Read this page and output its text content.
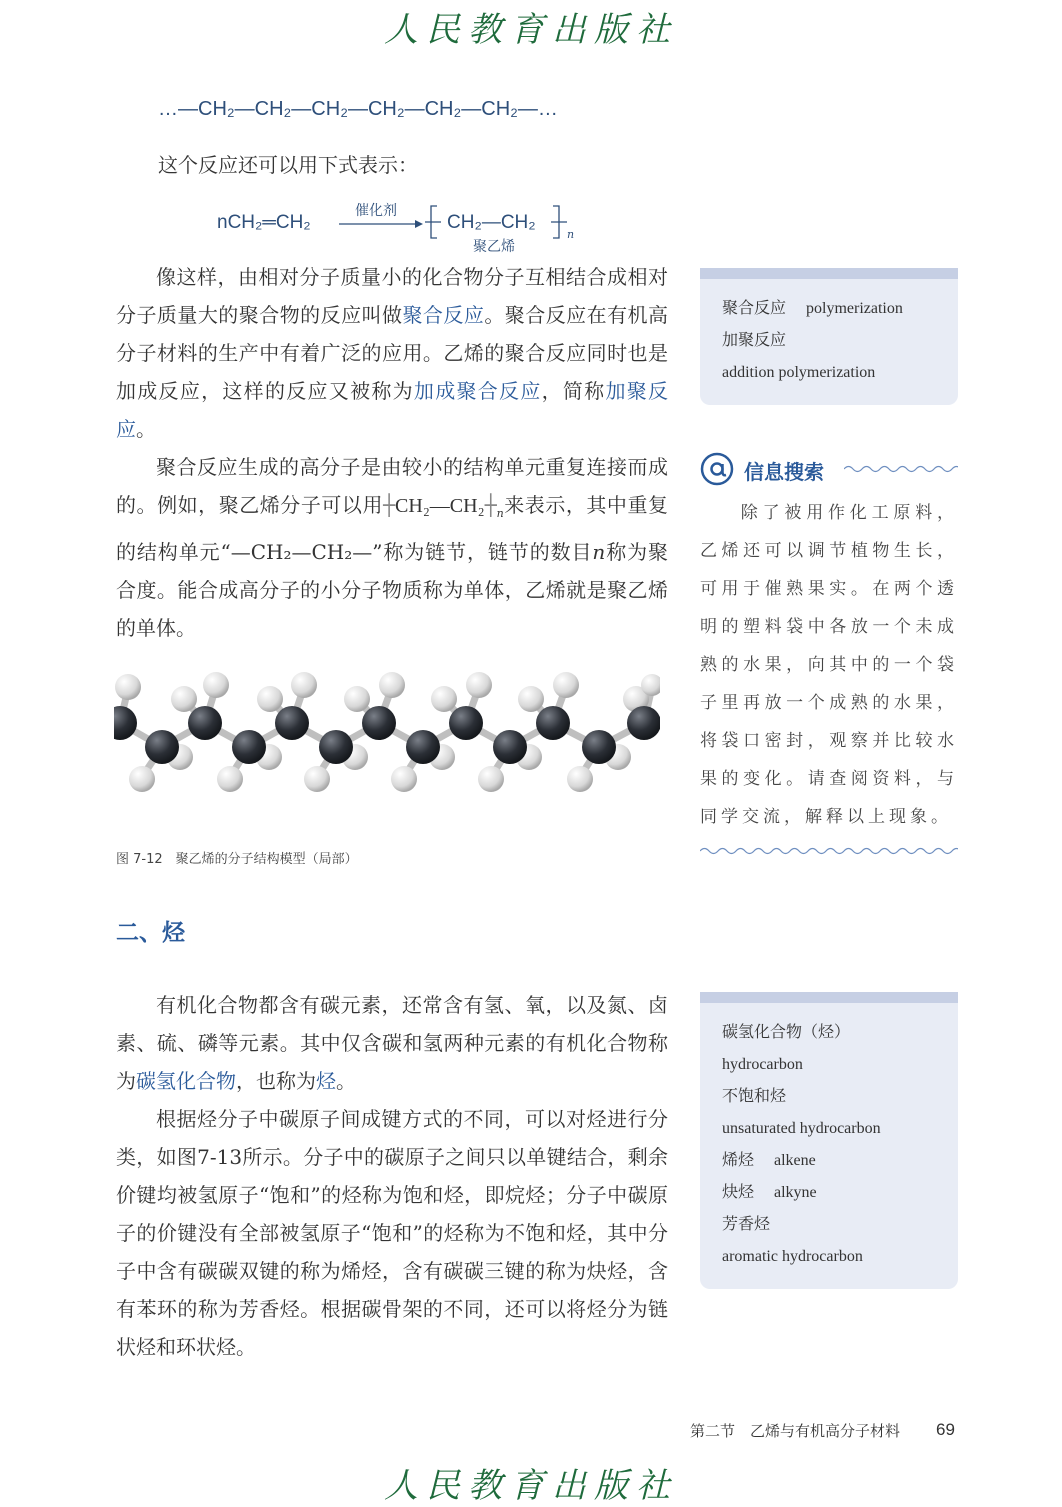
人民教育出版社
…—CH₂—CH₂—CH₂—CH₂—CH₂—CH₂—…
这个反应还可以用下式表示：
nCH₂═CH₂
催化剂
CH₂—CH₂
n
聚乙烯

像这样，由相对分子质量小的化合物分子互相结合成相对分子质量大的聚合物的反应叫做聚合反应。聚合反应在有机高分子材料的生产中有着广泛的应用。乙烯的聚合反应同时也是加成反应，这样的反应又被称为加成聚合反应，简称加聚反应。

聚合反应生成的高分子是由较小的结构单元重复连接而成的。例如，聚乙烯分子可以用$┼CH_2—CH_2┼_n$来表示，其中重复的结构单元“—CH₂—CH₂—”称为链节，链节的数目n称为聚合度。能合成高分子的小分子物质称为单体，乙烯就是聚乙烯的单体。

图 7-12　聚乙烯的分子结构模型（局部）
聚合反应　 polymerization
加聚反应
addition polymerization
信息搜索
除了被用作化工原料，乙烯还可以调节植物生长，可用于催熟果实。在两个透明的塑料袋中各放一个未成熟的水果，向其中的一个袋子里再放一个成熟的水果，将袋口密封，观察并比较水果的变化。请查阅资料，与同学交流，解释以上现象。
二、烃

有机化合物都含有碳元素，还常含有氢、氧，以及氮、卤素、硫、磷等元素。其中仅含碳和氢两种元素的有机化合物称为碳氢化合物，也称为烃。

根据烃分子中碳原子间成键方式的不同，可以对烃进行分类，如图7-13所示。分子中的碳原子之间只以单键结合，剩余价键均被氢原子“饱和”的烃称为饱和烃，即烷烃；分子中碳原子的价键没有全部被氢原子“饱和”的烃称为不饱和烃，其中分子中含有碳碳双键的称为烯烃，含有碳碳三键的称为炔烃，含有苯环的称为芳香烃。根据碳骨架的不同，还可以将烃分为链状烃和环状烃。

碳氢化合物（烃）
hydrocarbon
不饱和烃
unsaturated hydrocarbon
烯烃　 alkene
炔烃　 alkyne
芳香烃
aromatic hydrocarbon
第二节　乙烯与有机高分子材料 69
人民教育出版社
